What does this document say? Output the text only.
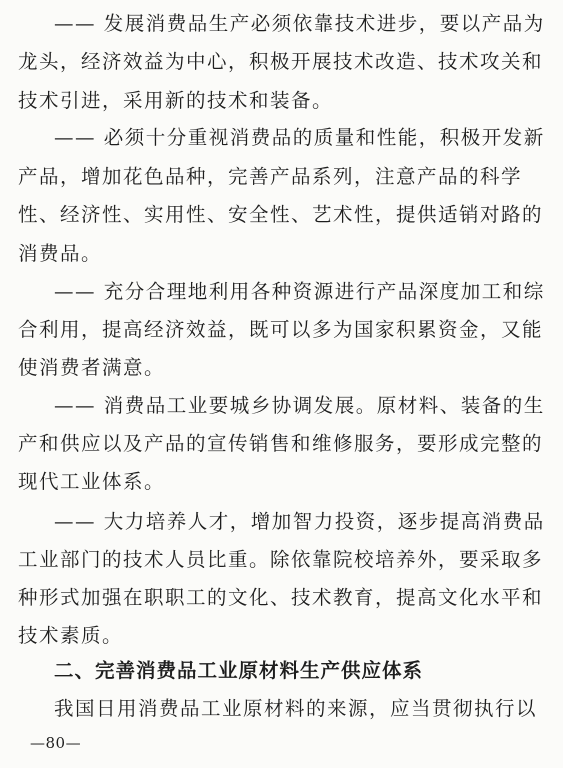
—— 发展消费品生产必须依靠技术进步，要以产品为
龙头，经济效益为中心，积极开展技术改造、技术攻关和
技术引进，采用新的技术和装备。
—— 必须十分重视消费品的质量和性能，积极开发新
产品，增加花色品种，完善产品系列，注意产品的科学
性、经济性、实用性、安全性、艺术性，提供适销对路的
消费品。
—— 充分合理地利用各种资源进行产品深度加工和综
合利用，提高经济效益，既可以多为国家积累资金，又能
使消费者满意。
—— 消费品工业要城乡协调发展。原材料、装备的生
产和供应以及产品的宣传销售和维修服务，要形成完整的
现代工业体系。
—— 大力培养人才，增加智力投资，逐步提高消费品
工业部门的技术人员比重。除依靠院校培养外，要采取多
种形式加强在职职工的文化、技术教育，提高文化水平和
技术素质。
二、完善消费品工业原材料生产供应体系
我国日用消费品工业原材料的来源，应当贯彻执行以
—80—
